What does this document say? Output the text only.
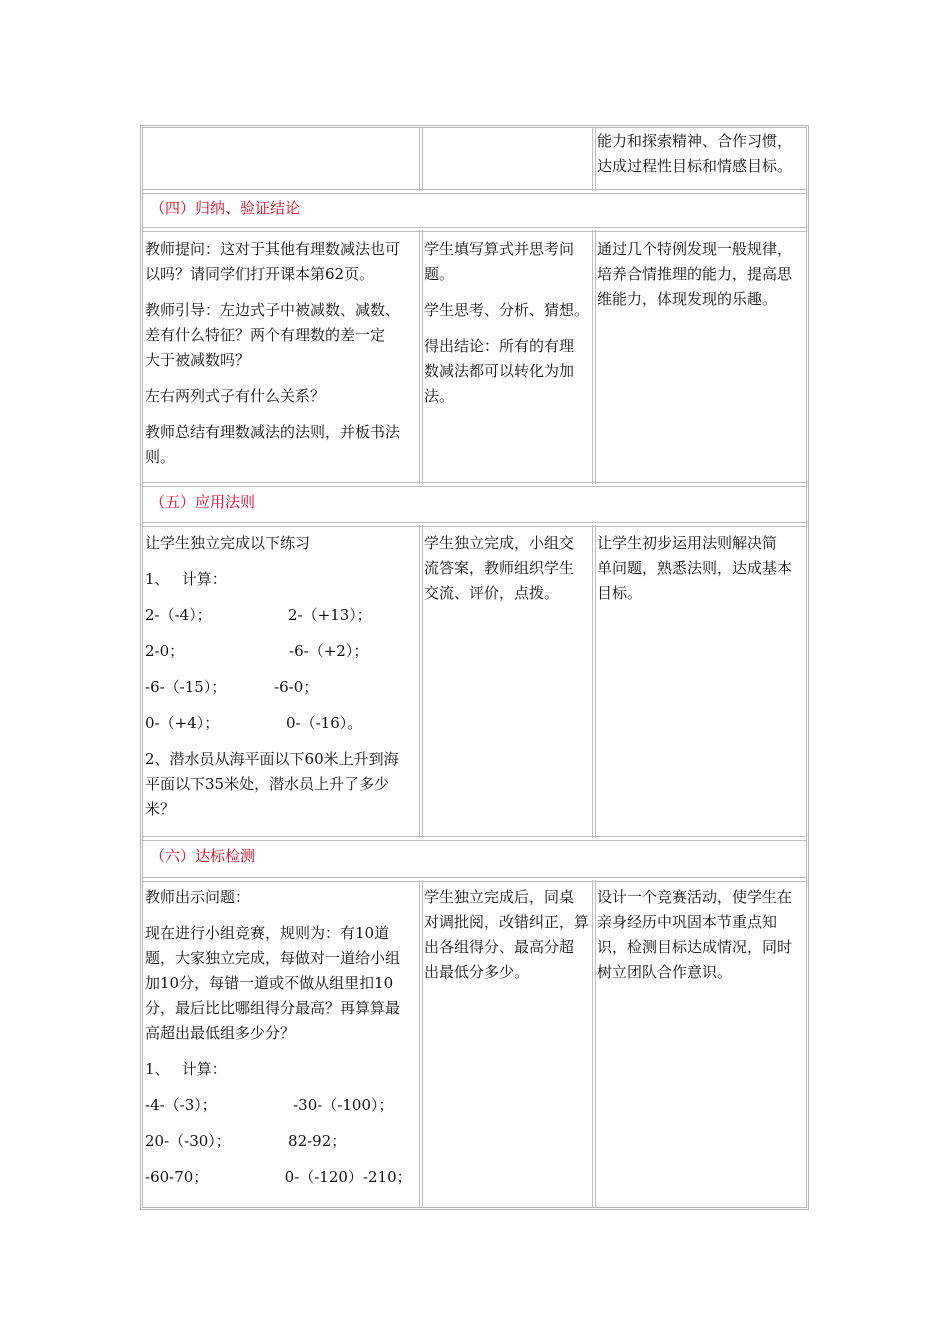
能力和探索精神、合作习惯，
达成过程性目标和情感目标。
（四）归纳、验证结论

教师提问：这对于其他有理数减法也可
以吗？请同学们打开课本第62页。

教师引导：左边式子中被减数、减数、
差有什么特征？两个有理数的差一定
大于被减数吗？

左右两列式子有什么关系？

教师总结有理数减法的法则，并板书法
则。

学生填写算式并思考问
题。

学生思考、分析、猜想。

得出结论：所有的有理
数减法都可以转化为加
法。

通过几个特例发现一般规律，
培养合情推理的能力，提高思
维能力，体现发现的乐趣。
（五）应用法则

让学生独立完成以下练习

1、　 计算：

2-（-4）；                2-（+13）；

2-0；                      -6-（+2）；

-6-（-15）；          -6-0；

0-（+4）；              0-（-16）。

2、潜水员从海平面以下60米上升到海
平面以下35米处，潜水员上升了多少
米？

学生独立完成，小组交
流答案，教师组织学生
交流、评价，点拨。
让学生初步运用法则解决简
单问题，熟悉法则，达成基本
目标。
（六）达标检测

教师出示问题：

现在进行小组竞赛，规则为：有10道
题，大家独立完成，每做对一道给小组
加10分，每错一道或不做从组里扣10
分，最后比比哪组得分最高？再算算最
高超出最低组多少分？

1、　 计算：

-4-（-3）；                -30-（-100）；

20-（-30）；            82-92；

-60-70；                0-（-120）-210；

学生独立完成后，同桌
对调批阅，改错纠正，算
出各组得分、最高分超
出最低分多少。
设计一个竞赛活动，使学生在
亲身经历中巩固本节重点知
识，检测目标达成情况，同时
树立团队合作意识。
